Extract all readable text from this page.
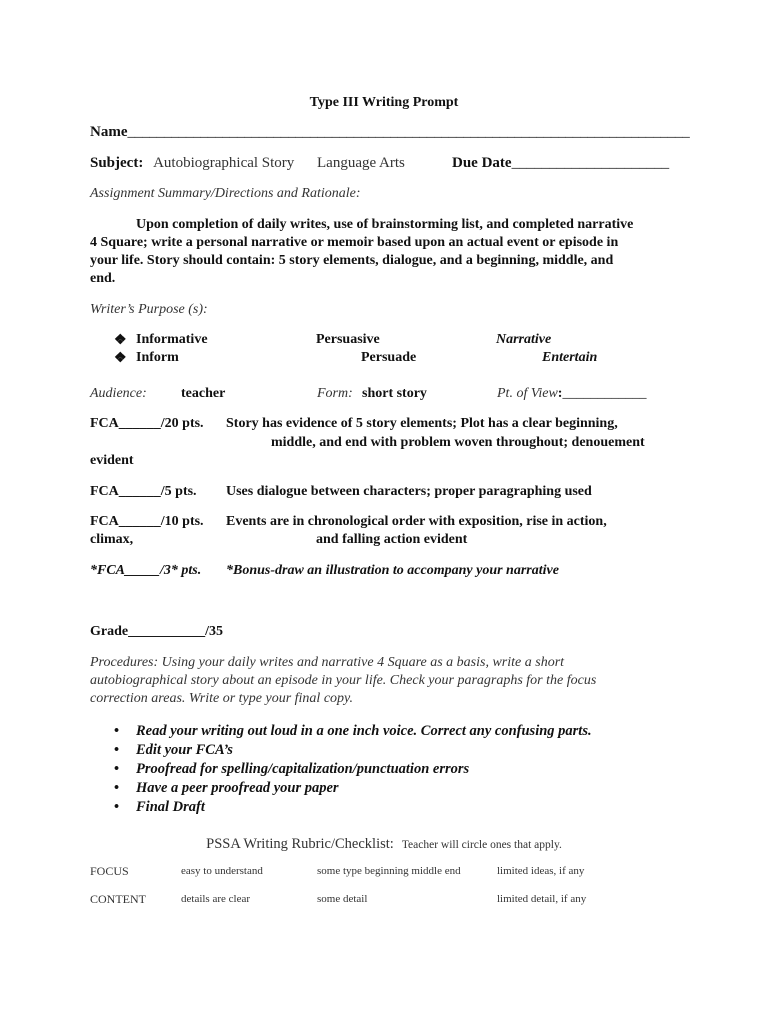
Type III Writing Prompt
Name_____________________________________________________________________________
Subject: Autobiographical Story Language Arts	Due Date_____________________
Assignment Summary/Directions and Rationale:
Upon completion of daily writes, use of brainstorming list, and completed narrative
4 Square; write a personal narrative or memoir based upon an actual event or episode in
your life. Story should contain: 5 story elements, dialogue, and a beginning, middle, and
end.
Writer’s Purpose (s):
❖ Informative	Persuasive	Narrative
❖ Inform	Persuade	Entertain
Audience: teacher	Form: short story	Pt. of View:____________
FCA______/20 pts. Story has evidence of 5 story elements; Plot has a clear beginning,
middle, and end with problem woven throughout; denouement
evident
FCA______/5 pts. Uses dialogue between characters; proper paragraphing used
FCA______/10 pts. Events are in chronological order with exposition, rise in action,
climax,	and falling action evident
*FCA_____/3* pts. *Bonus-draw an illustration to accompany your narrative
Grade___________/35
Procedures: Using your daily writes and narrative 4 Square as a basis, write a short
autobiographical story about an episode in your life. Check your paragraphs for the focus
correction areas. Write or type your final copy.
• Read your writing out loud in a one inch voice. Correct any confusing parts.
• Edit your FCA’s
• Proofread for spelling/capitalization/punctuation errors
• Have a peer proofread your paper
• Final Draft
PSSA Writing Rubric/Checklist: Teacher will circle ones that apply.
FOCUS	easy to understand	some type beginning middle end	limited ideas, if any
CONTENT	details are clear	some detail	limited detail, if any
